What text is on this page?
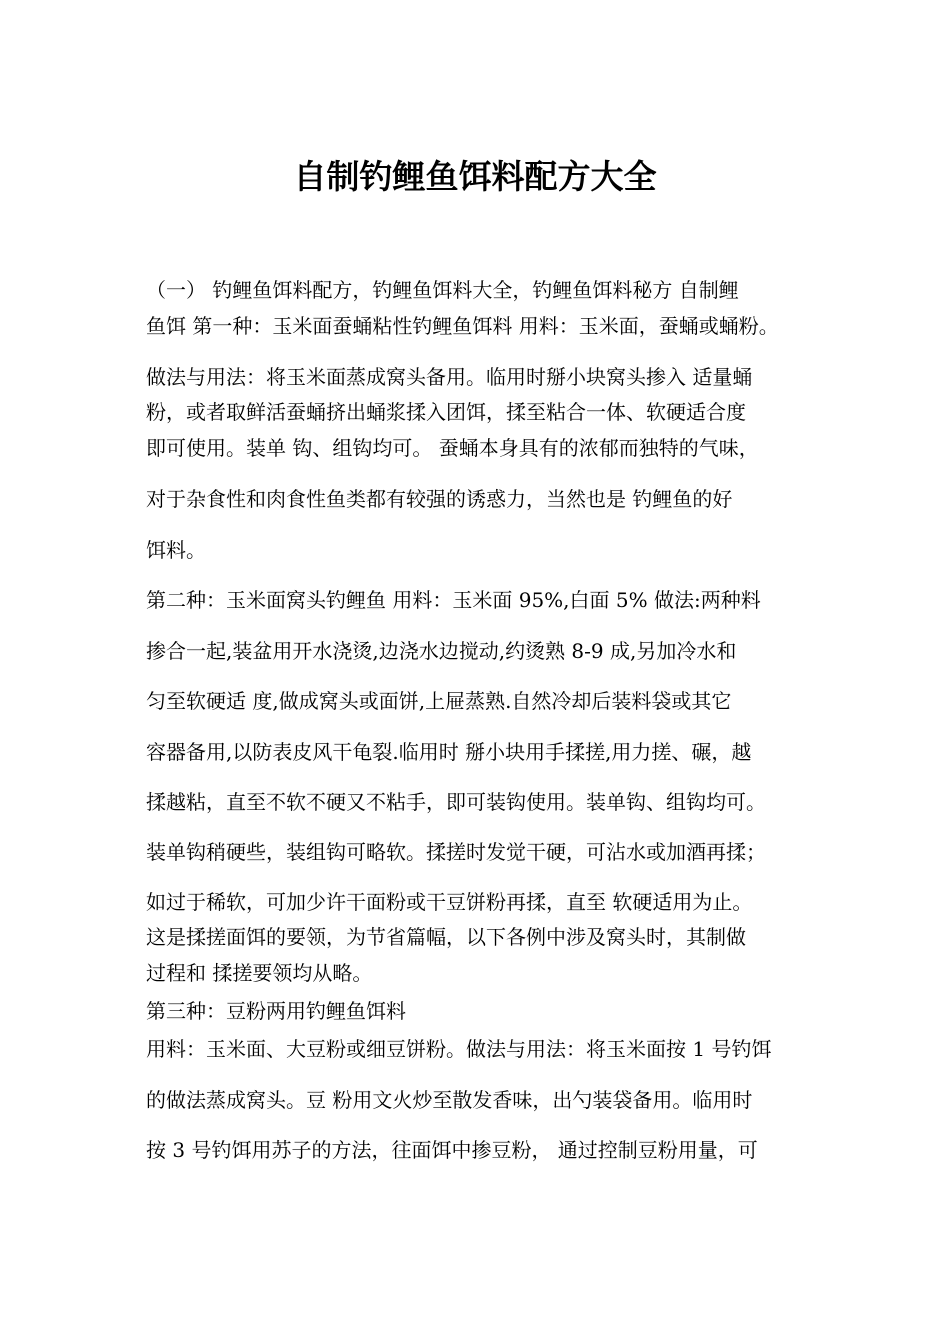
自制钓鲤鱼饵料配方大全
（一） 钓鲤鱼饵料配方，钓鲤鱼饵料大全，钓鲤鱼饵料秘方 自制鲤
鱼饵 第一种：玉米面蚕蛹粘性钓鲤鱼饵料 用料：玉米面，蚕蛹或蛹粉。
做法与用法：将玉米面蒸成窝头备用。临用时掰小块窝头掺入 适量蛹
粉，或者取鲜活蚕蛹挤出蛹浆揉入团饵，揉至粘合一体、软硬适合度
即可使用。装单 钩、组钩均可。 蚕蛹本身具有的浓郁而独特的气味，
对于杂食性和肉食性鱼类都有较强的诱惑力，当然也是 钓鲤鱼的好
饵料。
第二种：玉米面窝头钓鲤鱼 用料：玉米面 95%,白面 5% 做法:两种料
掺合一起,装盆用开水浇烫,边浇水边搅动,约烫熟 8-9 成,另加冷水和
匀至软硬适 度,做成窝头或面饼,上屉蒸熟.自然冷却后装料袋或其它
容器备用,以防表皮风干龟裂.临用时 掰小块用手揉搓,用力搓、碾，越
揉越粘，直至不软不硬又不粘手，即可装钩使用。装单钩、组钩均可。
装单钩稍硬些，装组钩可略软。揉搓时发觉干硬，可沾水或加酒再揉；
如过于稀软，可加少许干面粉或干豆饼粉再揉，直至 软硬适用为止。
这是揉搓面饵的要领，为节省篇幅，以下各例中涉及窝头时，其制做
过程和 揉搓要领均从略。
第三种：豆粉两用钓鲤鱼饵料
用料：玉米面、大豆粉或细豆饼粉。做法与用法：将玉米面按 1 号钓饵
的做法蒸成窝头。豆 粉用文火炒至散发香味，出勺装袋备用。临用时
按 3 号钓饵用苏子的方法，往面饵中掺豆粉， 通过控制豆粉用量，可
